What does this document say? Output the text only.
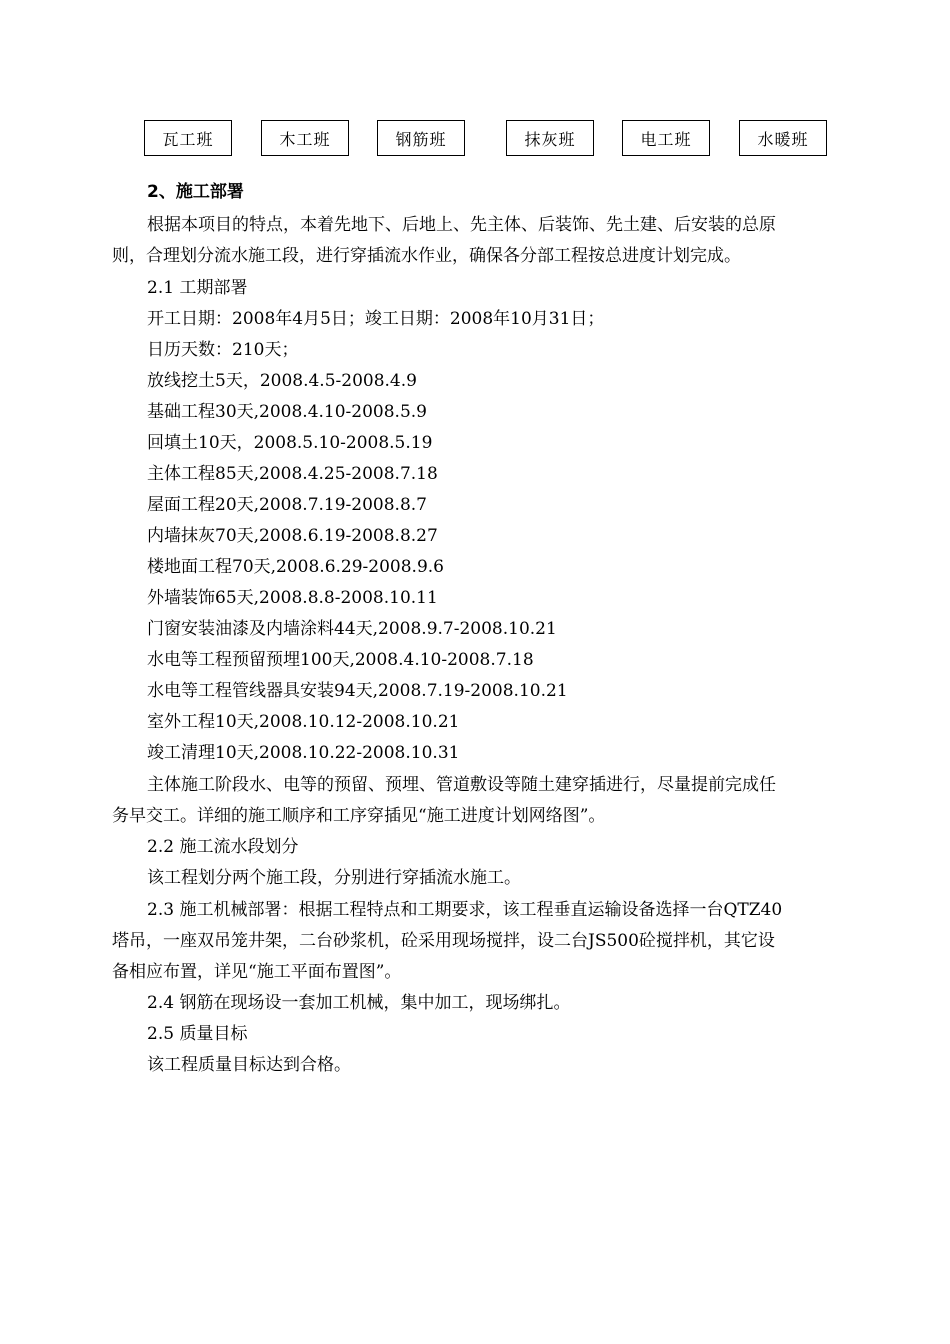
瓦工班	木工班	钢筋班	抹灰班	电工班	水暖班
2、施工部署
根据本项目的特点，本着先地下、后地上、先主体、后装饰、先土建、后安装的总原
则，合理划分流水施工段，进行穿插流水作业，确保各分部工程按总进度计划完成。
2.1 工期部署
开工日期：2008年4月5日；竣工日期：2008年10月31日；
日历天数：210天；
放线挖土5天，2008.4.5-2008.4.9
基础工程30天,2008.4.10-2008.5.9
回填土10天，2008.5.10-2008.5.19
主体工程85天,2008.4.25-2008.7.18
屋面工程20天,2008.7.19-2008.8.7
内墙抹灰70天,2008.6.19-2008.8.27
楼地面工程70天,2008.6.29-2008.9.6
外墙装饰65天,2008.8.8-2008.10.11
门窗安装油漆及内墙涂料44天,2008.9.7-2008.10.21
水电等工程预留预埋100天,2008.4.10-2008.7.18
水电等工程管线器具安装94天,2008.7.19-2008.10.21
室外工程10天,2008.10.12-2008.10.21
竣工清理10天,2008.10.22-2008.10.31
主体施工阶段水、电等的预留、预埋、管道敷设等随土建穿插进行，尽量提前完成任
务早交工。详细的施工顺序和工序穿插见“施工进度计划网络图”。
2.2 施工流水段划分
该工程划分两个施工段，分别进行穿插流水施工。
2.3 施工机械部署：根据工程特点和工期要求，该工程垂直运输设备选择一台QTZ40
塔吊，一座双吊笼井架，二台砂浆机，砼采用现场搅拌，设二台JS500砼搅拌机，其它设
备相应布置，详见“施工平面布置图”。
2.4 钢筋在现场设一套加工机械，集中加工，现场绑扎。
2.5 质量目标
该工程质量目标达到合格。
